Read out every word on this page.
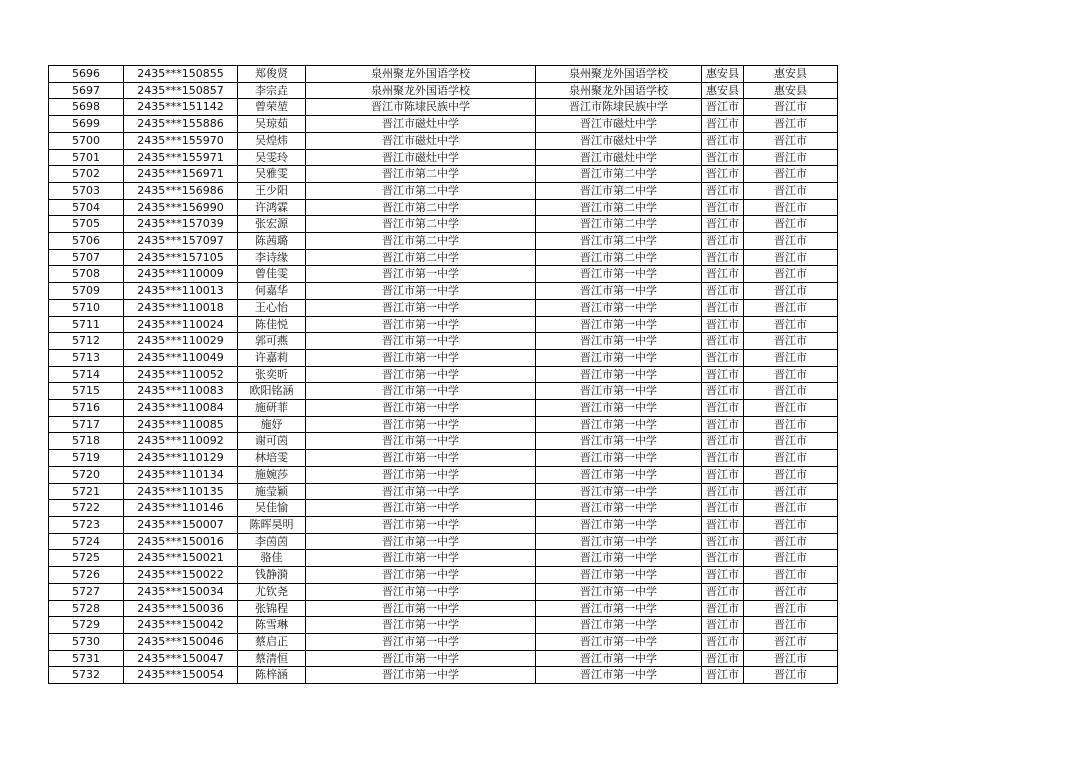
5696	2435***150855	郑俊贤	泉州聚龙外国语学校	泉州聚龙外国语学校	惠安县	惠安县
5697	2435***150857	李宗垚	泉州聚龙外国语学校	泉州聚龙外国语学校	惠安县	惠安县
5698	2435***151142	曾荣堃	晋江市陈埭民族中学	晋江市陈埭民族中学	晋江市	晋江市
5699	2435***155886	吴琼茹	晋江市磁灶中学	晋江市磁灶中学	晋江市	晋江市
5700	2435***155970	吴煌炜	晋江市磁灶中学	晋江市磁灶中学	晋江市	晋江市
5701	2435***155971	吴雯玲	晋江市磁灶中学	晋江市磁灶中学	晋江市	晋江市
5702	2435***156971	吴雅雯	晋江市第二中学	晋江市第二中学	晋江市	晋江市
5703	2435***156986	王少阳	晋江市第二中学	晋江市第二中学	晋江市	晋江市
5704	2435***156990	许鸿霖	晋江市第二中学	晋江市第二中学	晋江市	晋江市
5705	2435***157039	张宏源	晋江市第二中学	晋江市第二中学	晋江市	晋江市
5706	2435***157097	陈茜璐	晋江市第二中学	晋江市第二中学	晋江市	晋江市
5707	2435***157105	李诗缘	晋江市第二中学	晋江市第二中学	晋江市	晋江市
5708	2435***110009	曾佳雯	晋江市第一中学	晋江市第一中学	晋江市	晋江市
5709	2435***110013	何嘉华	晋江市第一中学	晋江市第一中学	晋江市	晋江市
5710	2435***110018	王心怡	晋江市第一中学	晋江市第一中学	晋江市	晋江市
5711	2435***110024	陈佳悦	晋江市第一中学	晋江市第一中学	晋江市	晋江市
5712	2435***110029	郭可燕	晋江市第一中学	晋江市第一中学	晋江市	晋江市
5713	2435***110049	许嘉莉	晋江市第一中学	晋江市第一中学	晋江市	晋江市
5714	2435***110052	张奕昕	晋江市第一中学	晋江市第一中学	晋江市	晋江市
5715	2435***110083	欧阳铭涵	晋江市第一中学	晋江市第一中学	晋江市	晋江市
5716	2435***110084	施研菲	晋江市第一中学	晋江市第一中学	晋江市	晋江市
5717	2435***110085	施妤	晋江市第一中学	晋江市第一中学	晋江市	晋江市
5718	2435***110092	谢可茵	晋江市第一中学	晋江市第一中学	晋江市	晋江市
5719	2435***110129	林培雯	晋江市第一中学	晋江市第一中学	晋江市	晋江市
5720	2435***110134	施婉莎	晋江市第一中学	晋江市第一中学	晋江市	晋江市
5721	2435***110135	施莹颖	晋江市第一中学	晋江市第一中学	晋江市	晋江市
5722	2435***110146	吴佳愉	晋江市第一中学	晋江市第一中学	晋江市	晋江市
5723	2435***150007	陈晖昊明	晋江市第一中学	晋江市第一中学	晋江市	晋江市
5724	2435***150016	李茵茵	晋江市第一中学	晋江市第一中学	晋江市	晋江市
5725	2435***150021	骆佳	晋江市第一中学	晋江市第一中学	晋江市	晋江市
5726	2435***150022	钱静漪	晋江市第一中学	晋江市第一中学	晋江市	晋江市
5727	2435***150034	尤钦尧	晋江市第一中学	晋江市第一中学	晋江市	晋江市
5728	2435***150036	张锦程	晋江市第一中学	晋江市第一中学	晋江市	晋江市
5729	2435***150042	陈雪琳	晋江市第一中学	晋江市第一中学	晋江市	晋江市
5730	2435***150046	蔡启正	晋江市第一中学	晋江市第一中学	晋江市	晋江市
5731	2435***150047	蔡清恒	晋江市第一中学	晋江市第一中学	晋江市	晋江市
5732	2435***150054	陈梓涵	晋江市第一中学	晋江市第一中学	晋江市	晋江市
